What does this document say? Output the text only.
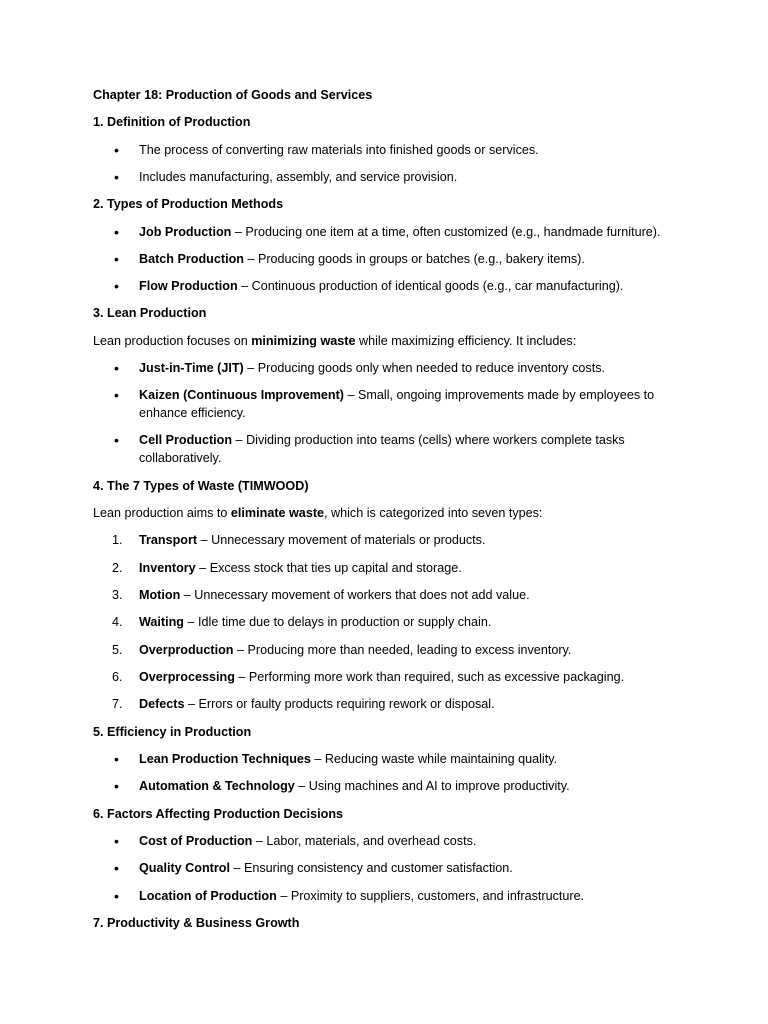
Chapter 18: Production of Goods and Services
1. Definition of Production
•	The process of converting raw materials into finished goods or services.
•	Includes manufacturing, assembly, and service provision.
2. Types of Production Methods
•	Job Production – Producing one item at a time, often customized (e.g., handmade furniture).
•	Batch Production – Producing goods in groups or batches (e.g., bakery items).
•	Flow Production – Continuous production of identical goods (e.g., car manufacturing).
3. Lean Production
Lean production focuses on minimizing waste while maximizing efficiency. It includes:
•	Just-in-Time (JIT) – Producing goods only when needed to reduce inventory costs.
•	Kaizen (Continuous Improvement) – Small, ongoing improvements made by employees to enhance efficiency.
•	Cell Production – Dividing production into teams (cells) where workers complete tasks collaboratively.
4. The 7 Types of Waste (TIMWOOD)
Lean production aims to eliminate waste, which is categorized into seven types:
1.	Transport – Unnecessary movement of materials or products.
2.	Inventory – Excess stock that ties up capital and storage.
3.	Motion – Unnecessary movement of workers that does not add value.
4.	Waiting – Idle time due to delays in production or supply chain.
5.	Overproduction – Producing more than needed, leading to excess inventory.
6.	Overprocessing – Performing more work than required, such as excessive packaging.
7.	Defects – Errors or faulty products requiring rework or disposal.
5. Efficiency in Production
•	Lean Production Techniques – Reducing waste while maintaining quality.
•	Automation & Technology – Using machines and AI to improve productivity.
6. Factors Affecting Production Decisions
•	Cost of Production – Labor, materials, and overhead costs.
•	Quality Control – Ensuring consistency and customer satisfaction.
•	Location of Production – Proximity to suppliers, customers, and infrastructure.
7. Productivity & Business Growth
